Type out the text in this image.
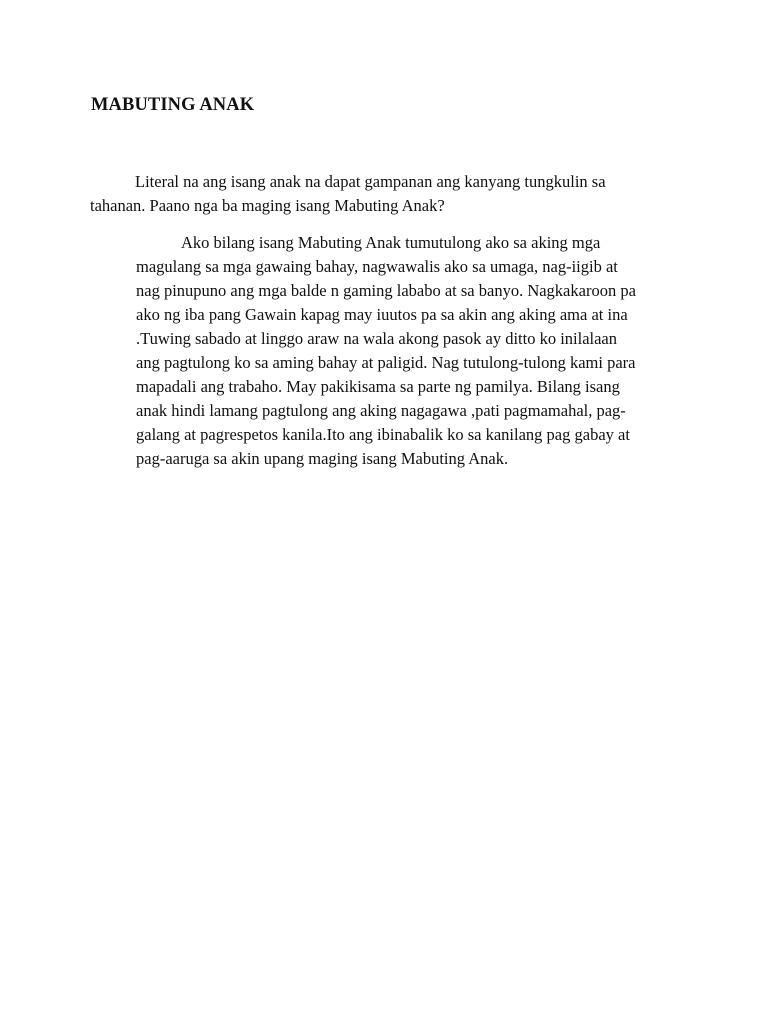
MABUTING ANAK

Literal na ang isang anak na dapat gampanan ang kanyang tungkulin sa
tahanan. Paano nga ba maging isang Mabuting Anak?

Ako bilang isang Mabuting Anak tumutulong ako sa aking mga
magulang sa mga gawaing bahay, nagwawalis ako sa umaga, nag-iigib at
nag pinupuno ang mga balde n gaming lababo at sa banyo. Nagkakaroon pa
ako ng iba pang Gawain kapag may iuutos pa sa akin ang aking ama at ina
.Tuwing sabado at linggo araw na wala akong pasok ay ditto ko inilalaan
ang pagtulong ko sa aming bahay at paligid. Nag tutulong-tulong kami para
mapadali ang trabaho. May pakikisama sa parte ng pamilya. Bilang isang
anak hindi lamang pagtulong ang aking nagagawa ,pati pagmamahal, pag-
galang at pagrespetos kanila.Ito ang ibinabalik ko sa kanilang pag gabay at
pag-aaruga sa akin upang maging isang Mabuting Anak.
